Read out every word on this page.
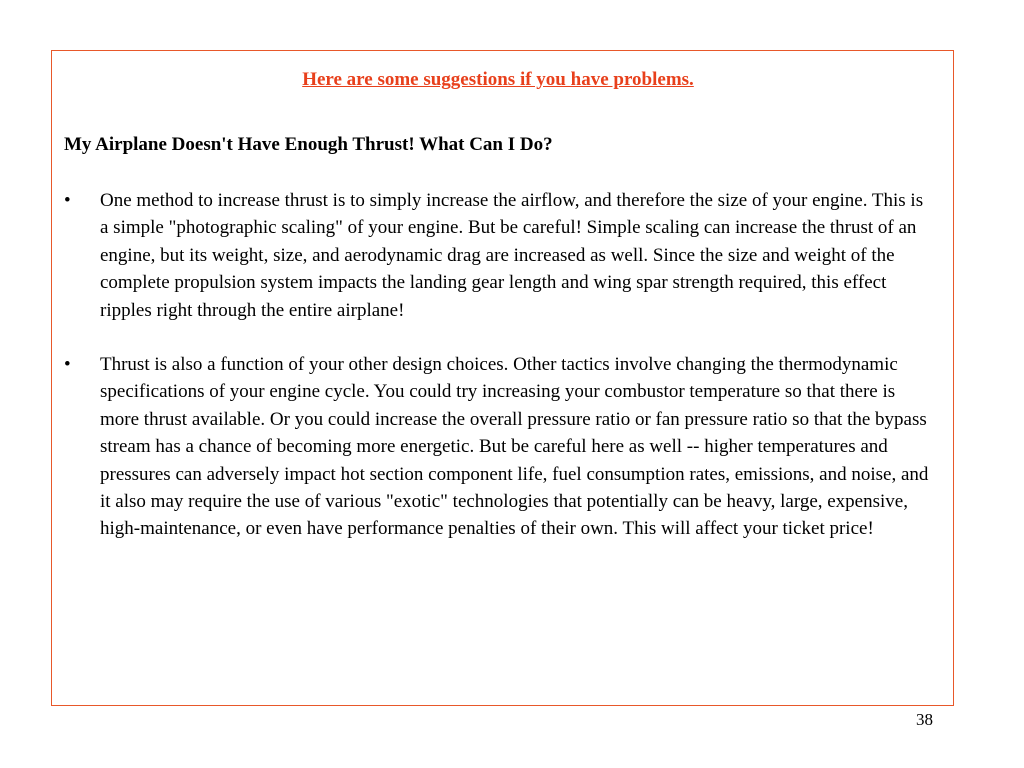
Here are some suggestions if you have problems.
My Airplane Doesn't Have Enough Thrust! What Can I Do?
• One method to increase thrust is to simply increase the airflow, and therefore the size of your engine. This is a simple "photographic scaling" of your engine. But be careful! Simple scaling can increase the thrust of an engine, but its weight, size, and aerodynamic drag are increased as well. Since the size and weight of the complete propulsion system impacts the landing gear length and wing spar strength required, this effect ripples right through the entire airplane!
• Thrust is also a function of your other design choices. Other tactics involve changing the thermodynamic specifications of your engine cycle. You could try increasing your combustor temperature so that there is more thrust available. Or you could increase the overall pressure ratio or fan pressure ratio so that the bypass stream has a chance of becoming more energetic. But be careful here as well -- higher temperatures and pressures can adversely impact hot section component life, fuel consumption rates, emissions, and noise, and it also may require the use of various "exotic" technologies that potentially can be heavy, large, expensive, high-maintenance, or even have performance penalties of their own. This will affect your ticket price!
38
